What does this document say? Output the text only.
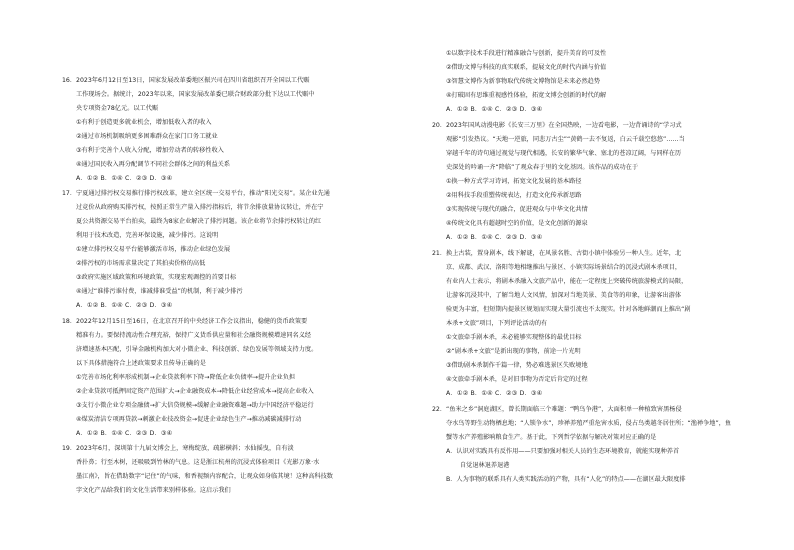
16．2023年6月12日至13日，国家发展改革委地区振兴司在四川省组织召开全国以工代赈
工作现场会。据统计，2023年以来，国家发展改革委已联合财政部分批下达以工代赈中
央专项资金78亿元。以工代赈
①有利于创造更多就业机会，增加低收入者的收入
②通过市场机制吸纳更多困难群众在家门口务工就业
③有利于完善个人收入分配，增加劳动者的转移性收入
④通过国民收入再分配调节不同社会群体之间的利益关系
A．①② B．①④ C．②③ D．③④
17．宁夏通过排污权交易推行排污权改革，建立全区统一交易平台，推动“阳光交易”。某企业先通
过竞价从政府购买排污权，按照正常生产量入排污指标后，将节余排放量协议转让，并在宁
夏公共资源交易平台拍卖，最终为8家企业解决了排污问题。该企业将节余排污权转让的红
利用于技术改造，完善环保设施，减少排污。这说明
①建立排污权交易平台能够激活市场，推动企业绿色发展
②排污权的市场需求量决定了其拍卖价格的高低
③政府实施区域政策和环境政策，实现宏观调控的首要目标
④通过“谁排污谁付费，谁减排谁受益”的机制，利于减少排污
A．①② B．①④ C．②③ D．③④
18．2022年12月15日至16日，在北京召开的中央经济工作会议指出，稳健的货币政策要
精准有力。要保持流动性合理充裕，保持广义货币供应量和社会融资规模增速同名义经
济增速基本匹配，引导金融机构加大对小微企业、科技创新、绿色发展等领域支持力度。
以下具体措施符合上述政策要求且传导正确的是
①完善市场化利率形成机制→企业贷款利率下降→降低企业负债率→提升企业负担
②企业贷款可抵押固定资产范围扩大→企业融资成本→降低企业经营成本→提高企业收入
③支行小微企业专项金融债→扩大信贷规模→缓解企业融资难题→助力中国经济平稳运行
④煤炭清洁专项再贷款→刺激企业技改资金→促进企业绿色生产→推动减碳减排行动
A．①② B．①④ C．②③ D．③④
19．2023年6月，深圳第十九届文博会上，寒梅绽放，疏影横斜；水仙摇曳，自有淡
香扑鼻；行至木树，还吸吸到竹林的气息。这是浙江杭州的沉浸式体验项目《光影万象·水
墨江南》，旨在借助数字“记住”的气味，和香视频内容配合，让观众如身临其境！这种高科技数
字文化产品给我们的文化生活带来别样体验。这启示我们
①以数字技术手段进行精准融合与创新，提升美育的可及性
②借助文博与科技的真实联系，提展文化的时代内涵与价值
③智慧文博作为新事物取代传统文博物馆是未来必然趋势
④打破固有思维重视感性体验，拓宽文博会创新的时代的解
A．①② B．①④ C．②③ D．③④
20．2023年国风动漫电影《长安三万里》在全国热映，一边看电影，一边背诵诗的“学习式
观影”引发热议。“天地一逆旅，同悲万古尘”“黄鹤一去不复返，白云千载空悠悠”……当
穿越千年的诗句通过视觉与现代相遇，长安的繁华气象、塞北的苍凉辽阔，与同样在历
史深处的吟诵一齐“降临”了观众春于里的文化基因。该作品的成功在于
①换一种方式学习诗词，拓宽文化发展的基本路径
②用科技手段重塑传统表达，打造文化传承新思路
③实现传统与现代的融合，促进观众与中华文化共情
④传统文化具有超越时空的价值，是文化创新的源泉
A．①② B．①④ C．②③ D．③④
21．换上古装，置身剧本，线下解谜，在风景名胜、古街小镇中体验另一种人生。近年，北
京、成都、武汉、洛阳等地相继推出与景区、小镇实际场景结合的沉浸式剧本杀项目，
有业内人士表示，将剧本杀融入文旅产品中，能在一定程度上突破传统旅游模式的局限，
让游客沉浸其中，了解当地人文风情，加深对当地美景、美食等的印象，让游客出游体
验更为丰富，但短期内提景区规划而实现大量引流也不太现实。针对各地鲜潮而上推出“剧
本杀+文旅”项目，下列评论活动的有
①文旅牵手剧本杀，未必能够实现整体的最优目标
②“剧本杀+文旅”是新出现的事物，前途一片光明
③借助剧本杀制作千篇一律，势必难逃景区失败境地
④文旅牵手剧本杀，是对旧事物为否定后肯定的过程
A．①② B．①④ C．②③ D．③④
22．“鱼米之乡”洞庭湖区，曾长期面临三个难题：“鸭鸟争港”，大面积单一种植致害黑杨侵
夺水鸟等野生动物栖息地；“人锁争水”，珍禅养殖严重危害水质，侵占鸟类越冬居住所；“渔禅争地”，鱼
蟹等水产养殖影响粮食生产。基于此，下列哲学依据与解决对策对应正确的是
A．认识对实践具有反作用——只要加强对相关人员的生态环境教育，就能实现种养首
自觉退林退养退港
B．人为事物的联系具有人类实践活动的产物，具有“人化”的特点——在湖区最大限度排
